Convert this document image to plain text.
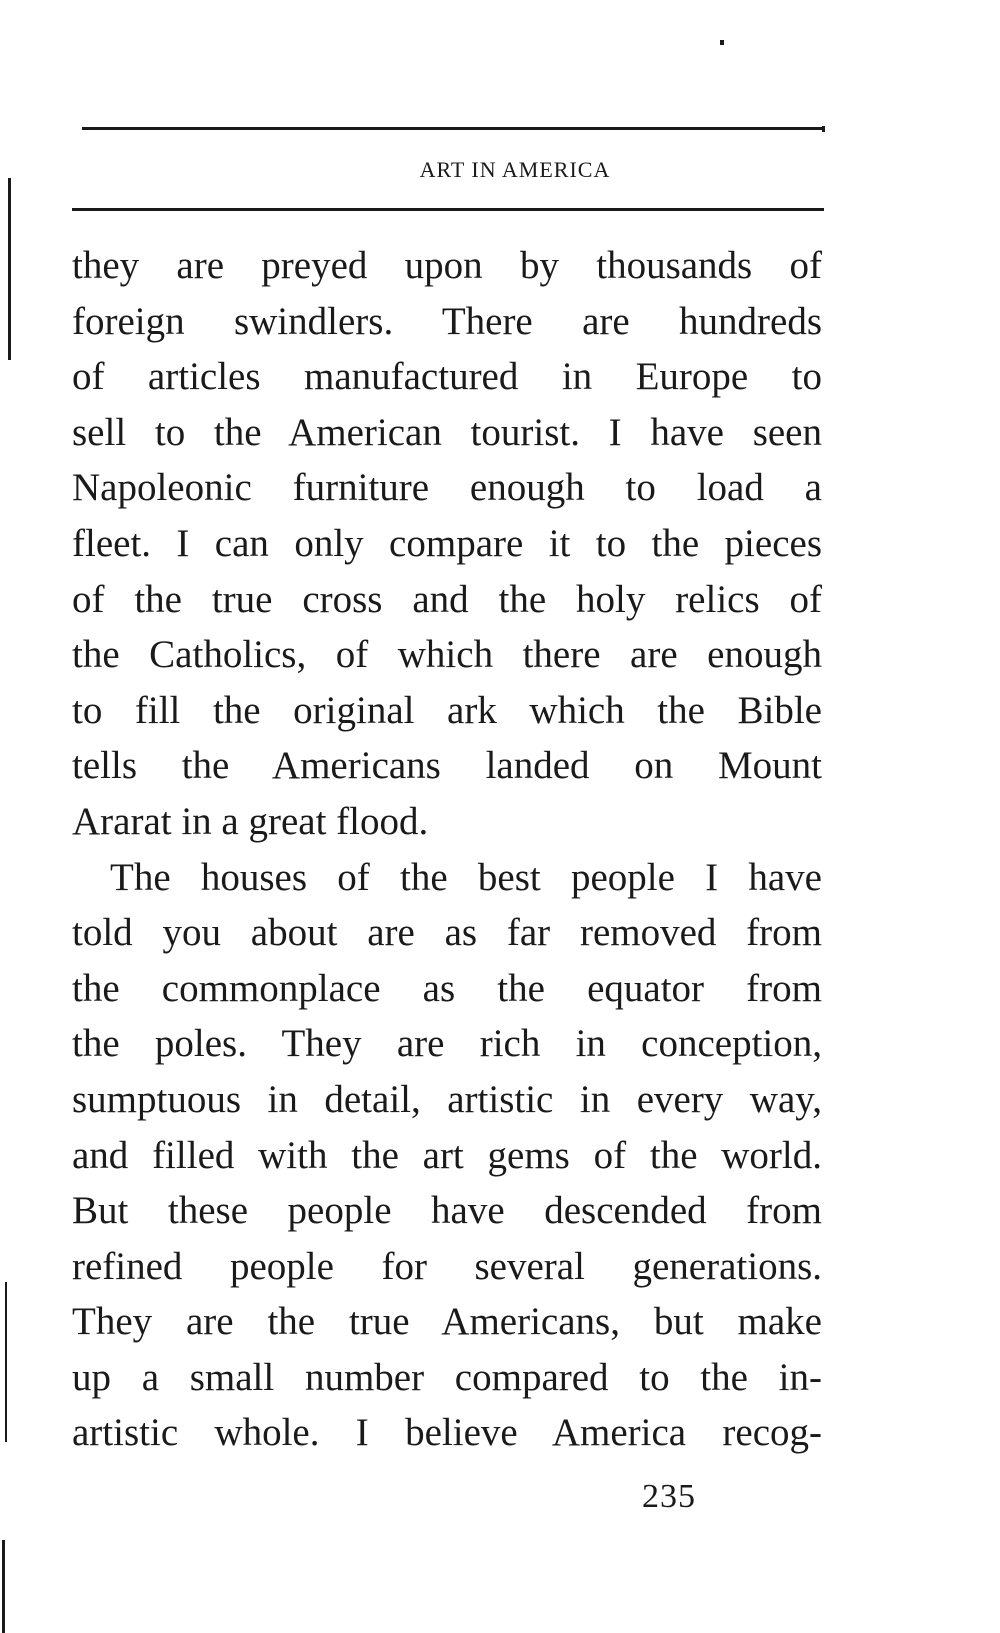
ART IN AMERICA
they are preyed upon by thousands of
foreign swindlers. There are hundreds
of articles manufactured in Europe to
sell to the American tourist. I have seen
Napoleonic furniture enough to load a
fleet. I can only compare it to the pieces
of the true cross and the holy relics of
the Catholics, of which there are enough
to fill the original ark which the Bible
tells the Americans landed on Mount
Ararat in a great flood.
The houses of the best people I have
told you about are as far removed from
the commonplace as the equator from
the poles. They are rich in conception,
sumptuous in detail, artistic in every way,
and filled with the art gems of the world.
But these people have descended from
refined people for several generations.
They are the true Americans, but make
up a small number compared to the in-
artistic whole. I believe America recog-
235
